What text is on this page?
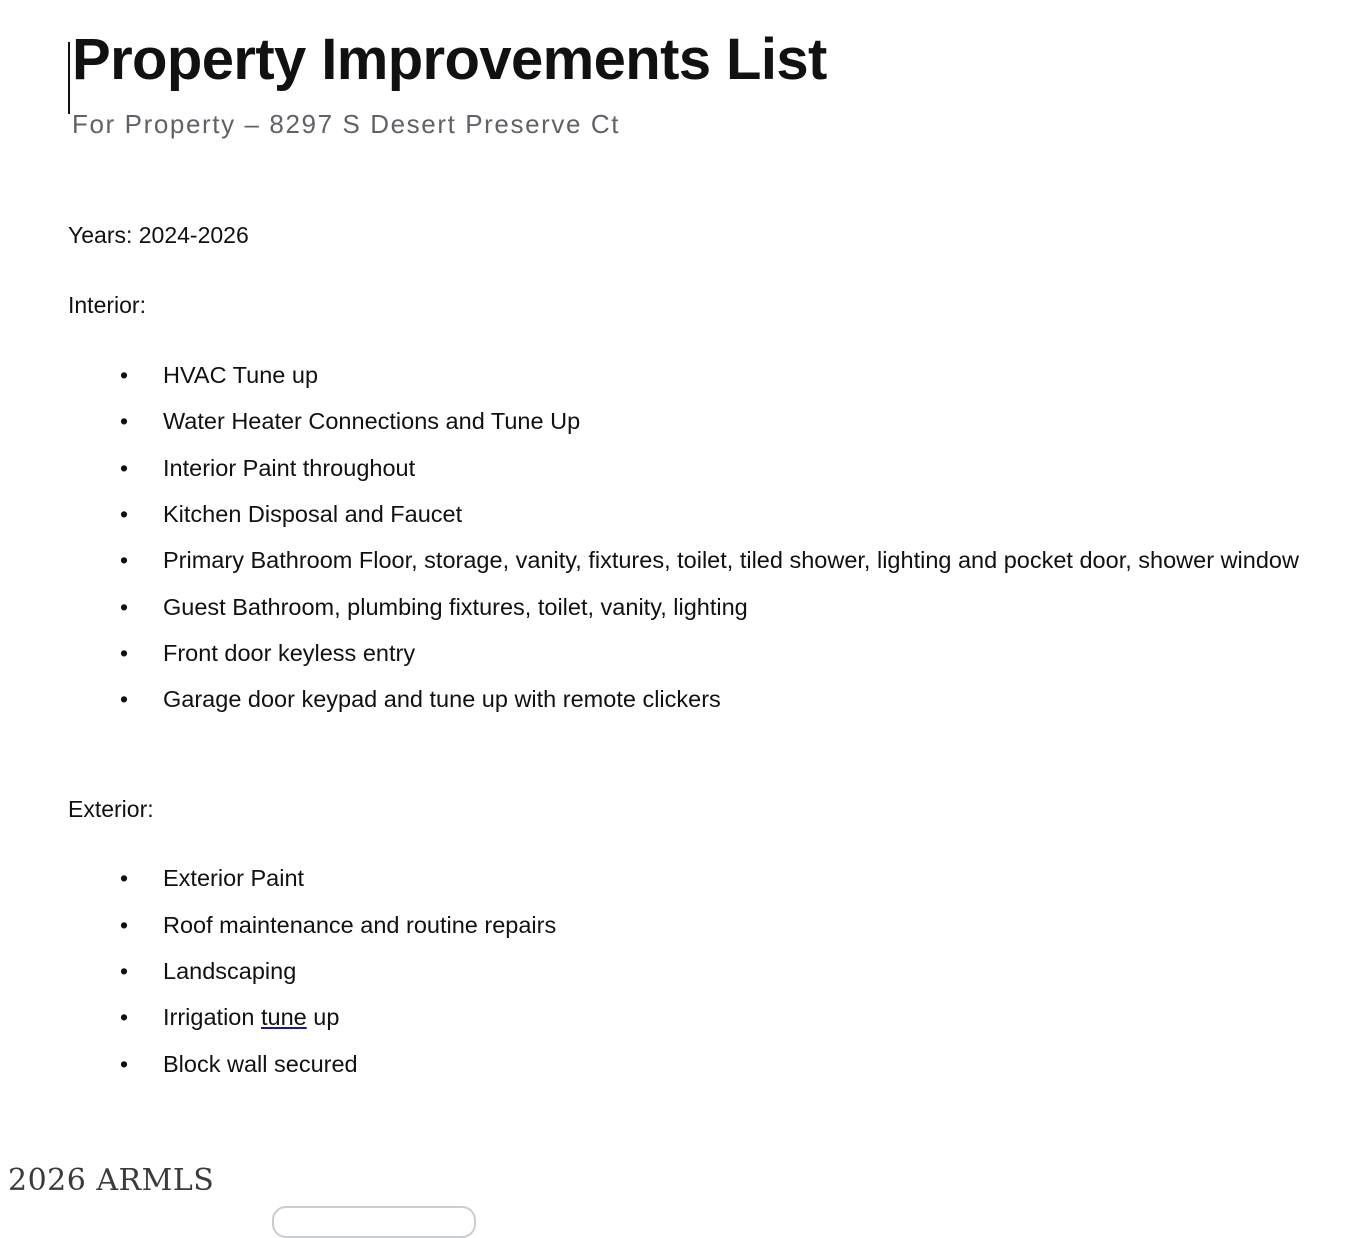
Property Improvements List
For Property – 8297 S Desert Preserve Ct

Years: 2024-2026

Interior:

• HVAC Tune up
• Water Heater Connections and Tune Up
• Interior Paint throughout
• Kitchen Disposal and Faucet
• Primary Bathroom Floor, storage, vanity, fixtures, toilet, tiled shower, lighting and pocket door, shower window
• Guest Bathroom, plumbing fixtures, toilet, vanity, lighting
• Front door keyless entry
• Garage door keypad and tune up with remote clickers

Exterior:

• Exterior Paint
• Roof maintenance and routine repairs
• Landscaping
• Irrigation tune up
• Block wall secured
2026 ARMLS
